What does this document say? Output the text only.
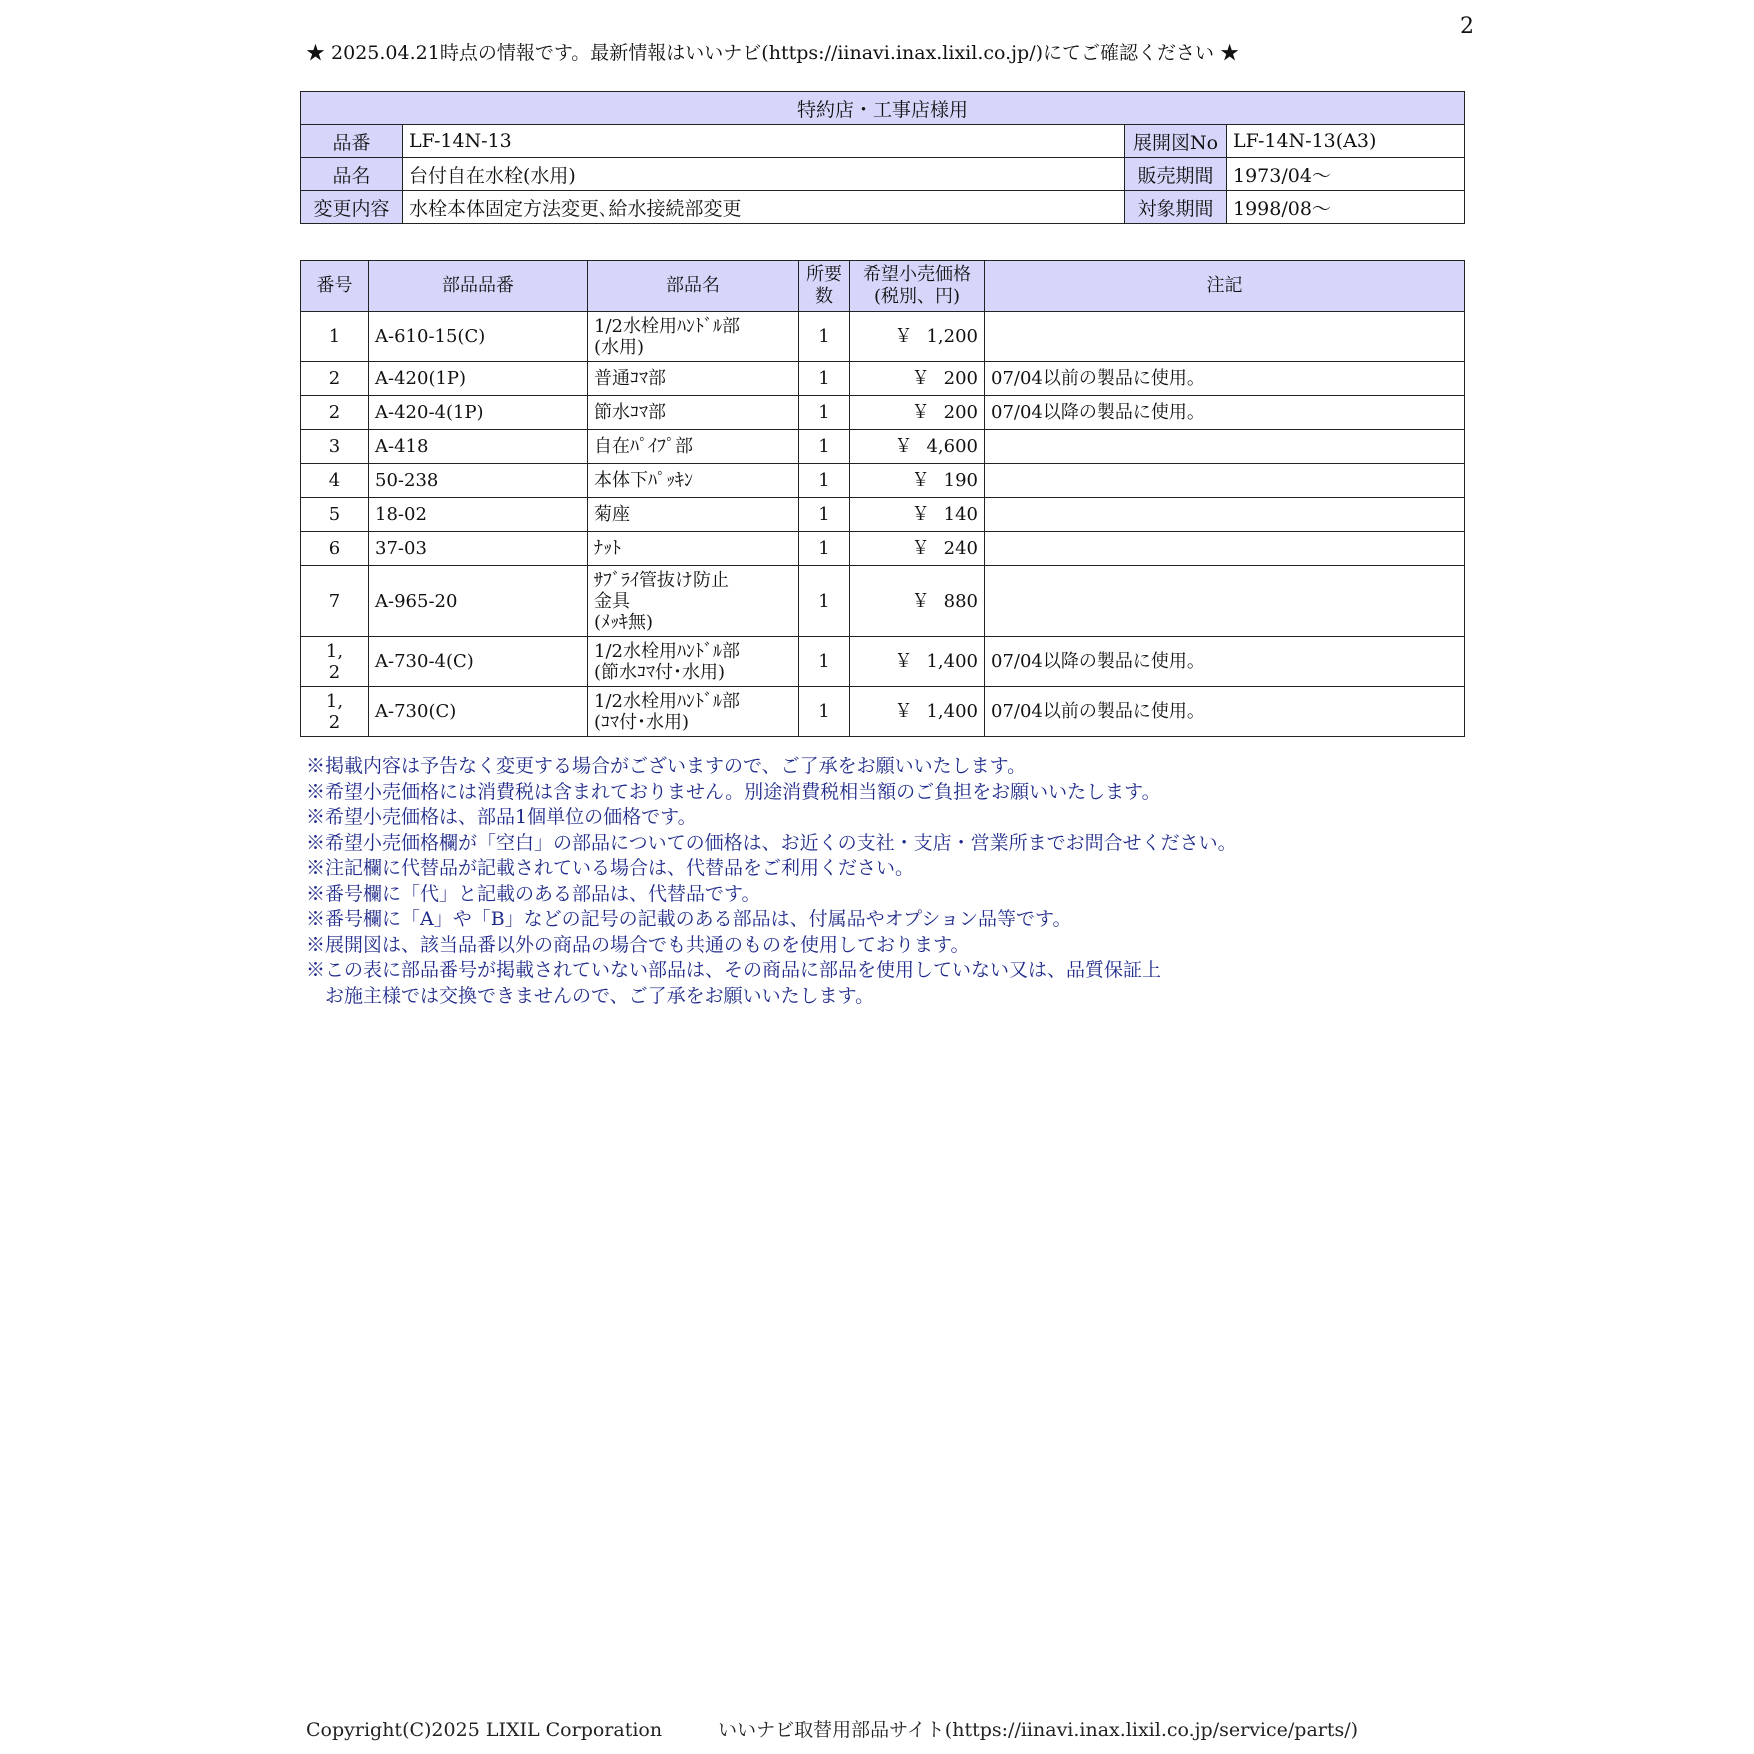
2
★ 2025.04.21時点の情報です。最新情報はいいナビ(https://iinavi.inax.lixil.co.jp/)にてご確認ください ★
特約店・工事店様用			
品番	LF-14N-13	展開図No	LF-14N-13(A3)
品名	台付自在水栓(水用)	販売期間	1973/04～
変更内容	水栓本体固定方法変更､給水接続部変更	対象期間	1998/08～
番号	部品品番	部品名	所要
数	希望小売価格
(税別、円)	注記
1	A-610-15(C)	1/2水栓用ﾊﾝﾄﾞﾙ部
(水用)	1	￥ 1,200	
2	A-420(1P)	普通ｺﾏ部	1	￥ 200	07/04以前の製品に使用。
2	A-420-4(1P)	節水ｺﾏ部	1	￥ 200	07/04以降の製品に使用。
3	A-418	自在ﾊﾟｲﾌﾟ部	1	￥ 4,600	
4	50-238	本体下ﾊﾟｯｷﾝ	1	￥ 190	
5	18-02	菊座	1	￥ 140	
6	37-03	ﾅｯﾄ	1	￥ 240	
7	A-965-20	ｻﾌﾞﾗｲ管抜け防止
金具
(ﾒｯｷ無)	1	￥ 880	
1,
2	A-730-4(C)	1/2水栓用ﾊﾝﾄﾞﾙ部
(節水ｺﾏ付･水用)	1	￥ 1,400	07/04以降の製品に使用。
1,
2	A-730(C)	1/2水栓用ﾊﾝﾄﾞﾙ部
(ｺﾏ付･水用)	1	￥ 1,400	07/04以前の製品に使用。
※掲載内容は予告なく変更する場合がございますので、ご了承をお願いいたします。
※希望小売価格には消費税は含まれておりません。別途消費税相当額のご負担をお願いいたします。
※希望小売価格は、部品1個単位の価格です。
※希望小売価格欄が「空白」の部品についての価格は、お近くの支社・支店・営業所までお問合せください。
※注記欄に代替品が記載されている場合は、代替品をご利用ください。
※番号欄に「代」と記載のある部品は、代替品です。
※番号欄に「A」や「B」などの記号の記載のある部品は、付属品やオプション品等です。
※展開図は、該当品番以外の商品の場合でも共通のものを使用しております。
※この表に部品番号が掲載されていない部品は、その商品に部品を使用していない又は、品質保証上
　お施主様では交換できませんので、ご了承をお願いいたします。
Copyright(C)2025 LIXIL Corporation	いいナビ取替用部品サイト(https://iinavi.inax.lixil.co.jp/service/parts/)
